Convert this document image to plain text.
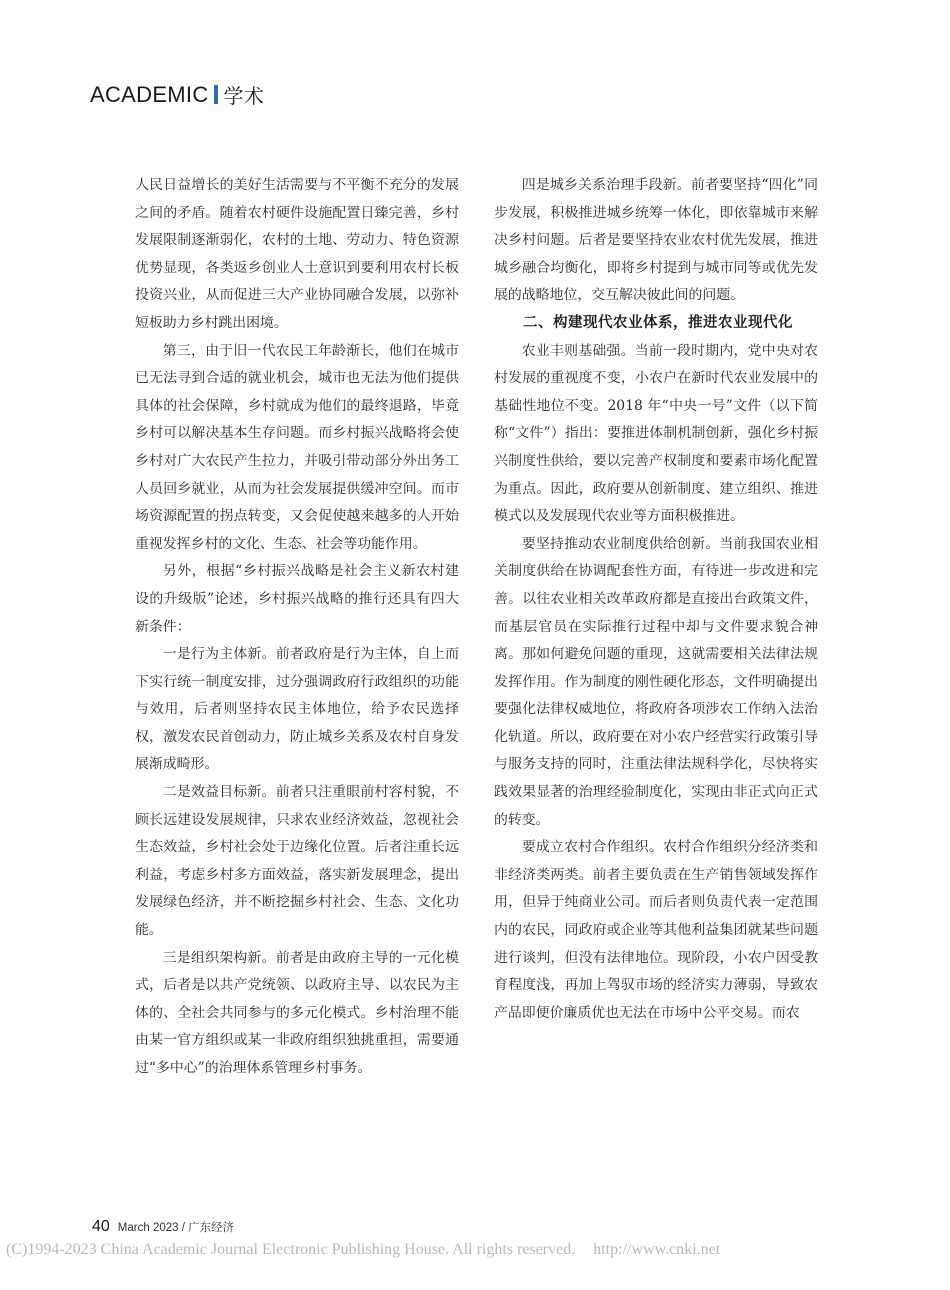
ACADEMIC 学术

人民日益增长的美好生活需要与不平衡不充分的发展之间的矛盾。随着农村硬件设施配置日臻完善，乡村发展限制逐渐弱化，农村的土地、劳动力、特色资源优势显现，各类返乡创业人士意识到要利用农村长板投资兴业，从而促进三大产业协同融合发展，以弥补短板助力乡村跳出困境。

第三，由于旧一代农民工年龄渐长，他们在城市已无法寻到合适的就业机会，城市也无法为他们提供具体的社会保障，乡村就成为他们的最终退路，毕竟乡村可以解决基本生存问题。而乡村振兴战略将会使乡村对广大农民产生拉力，并吸引带动部分外出务工人员回乡就业，从而为社会发展提供缓冲空间。而市场资源配置的拐点转变，又会促使越来越多的人开始重视发挥乡村的文化、生态、社会等功能作用。

另外，根据“乡村振兴战略是社会主义新农村建设的升级版”论述，乡村振兴战略的推行还具有四大新条件：

一是行为主体新。前者政府是行为主体，自上而下实行统一制度安排，过分强调政府行政组织的功能与效用，后者则坚持农民主体地位，给予农民选择权，激发农民首创动力，防止城乡关系及农村自身发展渐成畸形。

二是效益目标新。前者只注重眼前村容村貌，不顾长远建设发展规律，只求农业经济效益，忽视社会生态效益，乡村社会处于边缘化位置。后者注重长远利益，考虑乡村多方面效益，落实新发展理念，提出发展绿色经济，并不断挖掘乡村社会、生态、文化功能。

三是组织架构新。前者是由政府主导的一元化模式，后者是以共产党统领、以政府主导、以农民为主体的、全社会共同参与的多元化模式。乡村治理不能由某一官方组织或某一非政府组织独挑重担，需要通过“多中心”的治理体系管理乡村事务。

四是城乡关系治理手段新。前者要坚持“四化”同步发展，积极推进城乡统筹一体化，即依靠城市来解决乡村问题。后者是要坚持农业农村优先发展，推进城乡融合均衡化，即将乡村提到与城市同等或优先发展的战略地位，交互解决彼此间的问题。

二、构建现代农业体系，推进农业现代化

农业丰则基础强。当前一段时期内，党中央对农村发展的重视度不变，小农户在新时代农业发展中的基础性地位不变。2018 年“中央一号”文件（以下简称“文件”）指出：要推进体制机制创新，强化乡村振兴制度性供给，要以完善产权制度和要素市场化配置为重点。因此，政府要从创新制度、建立组织、推进模式以及发展现代农业等方面积极推进。

要坚持推动农业制度供给创新。当前我国农业相关制度供给在协调配套性方面，有待进一步改进和完善。以往农业相关改革政府都是直接出台政策文件，而基层官员在实际推行过程中却与文件要求貌合神离。那如何避免问题的重现，这就需要相关法律法规发挥作用。作为制度的刚性硬化形态，文件明确提出要强化法律权威地位，将政府各项涉农工作纳入法治化轨道。所以，政府要在对小农户经营实行政策引导与服务支持的同时，注重法律法规科学化，尽快将实践效果显著的治理经验制度化，实现由非正式向正式的转变。

要成立农村合作组织。农村合作组织分经济类和非经济类两类。前者主要负责在生产销售领域发挥作用，但异于纯商业公司。而后者则负责代表一定范围内的农民，同政府或企业等其他利益集团就某些问题进行谈判，但没有法律地位。现阶段，小农户因受教育程度浅，再加上驾驭市场的经济实力薄弱，导致农产品即便价廉质优也无法在市场中公平交易。而农

40 March 2023 / 广东经济
(C)1994-2023 China Academic Journal Electronic Publishing House. All rights reserved. http://www.cnki.net
